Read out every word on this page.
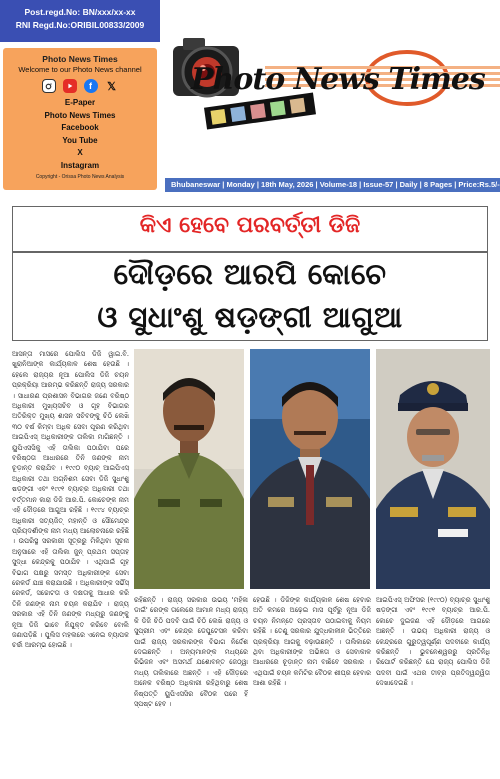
Post.regd.No: BN/xxx/xx-xx
RNI Regd.No:ORIBIL00833/2009
Photo News Times
Welcome to our Photo News channel
f	𝕏
E-Paper
Photo News Times
Facebook
You Tube
X
Instagram
Copyright - Orissa Photo News Analysis
Photo News Times
Bhubaneswar | Monday | 18th May, 2026 | Volume-18 | Issue-57 | Daily | 8 Pages | Price:Rs.5/-
କିଏ ହେବେ ପରବର୍ତ୍ତୀ ଡିଜି
ଦୌଡ଼ରେ ଆରପି କୋଚେ
ଓ ସୁଧାଂଶୁ ଷଡ଼ଙ୍ଗୀ ଆଗୁଆ
ଆସନ୍ତା ମାସରେ ପୋଲିସ ଡିଜି ୱାଇ.ବି. ଖୁରାନିଆଙ୍କ କାର୍ଯ୍ୟକାଳ ଶେଷ ହେଉଛି । ହେଲେ ରାଜ୍ୟର ନୂଆ ପୋଲିସ ଡିଜି ଚୟନ ପ୍ରକ୍ରିୟା ଆରମ୍ଭ କରିଛନ୍ତି ରାଜ୍ୟ ସରକାର । ସାଧାରଣ ପ୍ରଶାସନ ବିଭାଗର ଜଣେ ବରିଷ୍ଠ ଅଧିକାରୀ ମୁଖ୍ୟସଚିବ ଓ ଗୃହ ବିଭାଗର ଅତିରିକ୍ତ ମୁଖ୍ୟ ଶାସନ ସଚିବଙ୍କୁ ଚିଠି ଲେଖି ୩୦ ବର୍ଷ କିମ୍ବା ଅଧିକ ସେବା ପୂରଣ କରିଥିବା ଆଇପିଏସ୍ ଅଧିକାରୀଙ୍କ ତାଲିକା ମାଗିଛନ୍ତି । ୟୁପିଏସସିକୁ ଏହି ତାଲିକା ପଠାଯିବା ପରେ ବରିଷ୍ଠତା ଆଧାରରେ ତିନି ଜଣଙ୍କ ନାମ ଚୂଡ଼ାନ୍ତ କରାଯିବ । ୧୯୯୦ ବ୍ୟାଚ୍ ଆଇପିଏସ୍ ଅଧିକାରୀ ତଥା ଅଗ୍ନିଶମ ସେବା ଡିଜି ସୁଧାଂଶୁ ଷଡ଼ଙ୍ଗୀ ଏବଂ ୧୯୯୧ ବ୍ୟାଚ୍ର ଅଧିକାରୀ ତଥା ବର୍ତ୍ତମାନ କାରା ଡିଜି ଆର.ପି. କୋଚେଙ୍କ ନାମ ଏହି ଦୌଡ଼ରେ ଆଗୁଆ ରହିଛି । ୧୯୯୪ ବ୍ୟାଚ୍ର ଅଧିକାରୀ ସତ୍ୟଜିତ୍ ମହାନ୍ତି ଓ ସୌମେନ୍ଦ୍ର ପ୍ରିୟଦର୍ଶୀଙ୍କ ନାମ ମଧ୍ୟ ଆଲୋଚନାରେ ରହିଛି । ଉପରିସ୍ଥ ସରକାରୀ ସୂତ୍ରରୁ ମିଳିଥିବା ସୂଚନା ଅନୁସାରେ ଏହି ତାଲିକା ଜୁନ୍ ପ୍ରଥମ ସପ୍ତାହ ସୁଦ୍ଧା କେନ୍ଦ୍ରକୁ ପଠାଯିବ । ଏଥିପାଇଁ ଗୃହ ବିଭାଗ ପକ୍ଷରୁ ସମସ୍ତ ଅଧିକାରୀଙ୍କ ସେବା ରେକର୍ଡ ଯାଞ୍ଚ କରାଯାଉଛି । ଅଧିକାରୀଙ୍କ ସର୍ଭିସ୍ ରେକର୍ଡ, ସଚ୍ଚୋଟତା ଓ ଦକ୍ଷତାକୁ ଆଧାର କରି ତିନି ଜଣଙ୍କ ନାମ ଚୟନ କରାଯିବ । ରାଜ୍ୟ ସରକାର ଏହି ତିନି ଜଣଙ୍କ ମଧ୍ୟରୁ ଜଣଙ୍କୁ ନୂଆ ଡିଜି ଭାବେ ନିଯୁକ୍ତ କରିବେ ବୋଲି ଜଣାପଡ଼ିଛି । ପୁଲିସ ମହଲରେ ଏନେଇ ବ୍ୟାପକ ଚର୍ଚ୍ଚା ଆରମ୍ଭ ହୋଇଛି ।
ରହିଛନ୍ତି । ରାଜ୍ୟ ସରକାର ଉଭୟ 'ମହିଳା ଡାଇଁ' ରେଙ୍କ ତାଲେରେ ଆମାନ ମଧ୍ୟ ରାଜ୍ୟ କି ଡିଜି ଚିଠି ପଦବି ପାଇଁ ଚିଠି ଲେଖି ରାଜ୍ୟ ଓ ସୁପ୍ରୀମ ଏବଂ କେନ୍ଦ୍ର ଡେପୁଟେସନ କରିବା ପାଇଁ ରାଜ୍ୟ ସରକାରଙ୍କ ବିଭାଗ ନିର୍ଦ୍ଦେଶ ଦେଇଛନ୍ତି । ଅନ୍ୟମାନଙ୍କ ମଧ୍ୟରେ ରିଭିଜନ ଏବଂ ଅସମର୍ଥ ଯଶୋବନ୍ତ ଜେଠ୍ୱା ମଧ୍ୟ ତାଲିକାରେ ଅଛନ୍ତି । ଏହି ଦୌଡ଼ରେ ଅନେକ ବରିଷ୍ଠ ଅଧିକାରୀ ରହିଥିବାରୁ ଶେଷ ନିଷ୍ପତ୍ତି ୟୁପିଏସସିର ବୈଠକ ପରେ ହିଁ ସ୍ପଷ୍ଟ ହେବ ।
ହେଉଛି । ଡିଜିଙ୍କ କାର୍ଯ୍ୟକାଳ ଶେଷ ହେବାର ଅତି କମରେ ଅଢ଼େଇ ମାସ ପୂର୍ବରୁ ନୂଆ ଡିଜି ଚୟନ ନିମନ୍ତେ ପ୍ରସ୍ତାବ ପଠାଇବାକୁ ନିୟମ ରହିଛି । ତେଣୁ ସରକାର ଯୁଦ୍ଧକାଳୀନ ଭିତ୍ତିରେ ପ୍ରକ୍ରିୟା ଆଗକୁ ବଢ଼ାଉଛନ୍ତି । ତାଲିକାରେ ଥିବା ଅଧିକାରୀଙ୍କ ଅଭିଜ୍ଞତା ଓ ସେବାକାଳ ଆଧାରରେ ଚୂଡ଼ାନ୍ତ ନାମ ବାଛିବେ ସରକାର । ଏଥିପାଇଁ ଚୟନ କମିଟିର ବୈଠକ ଶୀଘ୍ର ହେବାର ଆଶା ରହିଛି ।
ଆଇପିଏସ୍ ଅଫିସର (୧୯୯୦) ବ୍ୟାଚ୍ର ସୁଧାଂଶୁ ଷଡ଼ଙ୍ଗୀ ଏବଂ ୧୯୯୧ ବ୍ୟାଚ୍ର ଆର.ପି. କୋଚେ ଦୁଇଜଣ ଏହି ଦୌଡ଼ରେ ଆଗରେ ଅଛନ୍ତି । ଉଭୟ ଅଧିକାରୀ ରାଜ୍ୟ ଓ କେନ୍ଦ୍ରରେ ଗୁରୁତ୍ୱପୂର୍ଣ୍ଣ ପଦବୀରେ କାର୍ଯ୍ୟ କରିଛନ୍ତି । ଭୁବନେଶ୍ୱରରୁ ପ୍ରତିନିଧି ରିପୋର୍ଟ କରିଛନ୍ତି ଯେ ରାଜ୍ୟ ପୋଲିସ ଡିଜି ପଦବୀ ପାଇଁ ଏଥର ତୀବ୍ର ପ୍ରତିଦ୍ୱନ୍ଦ୍ୱିତା ଦେଖାଦେଇଛି ।
